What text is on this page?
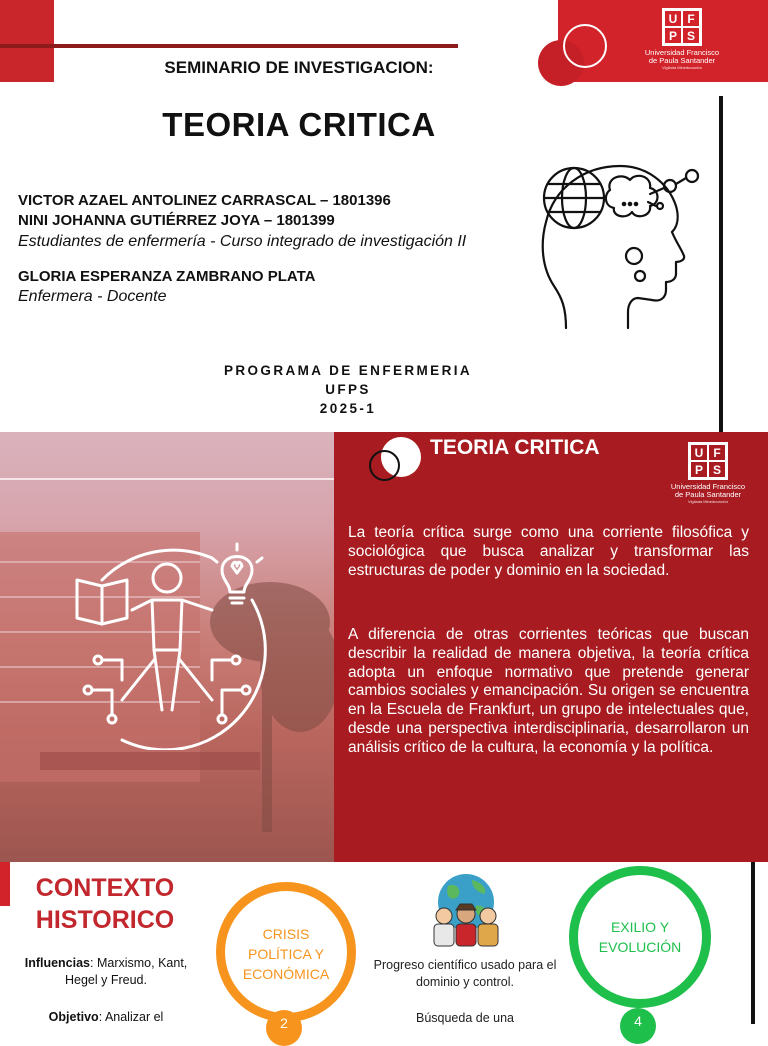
U F
P S
Universidad Francisco
de Paula Santander
Vigilada Mineducación
SEMINARIO DE INVESTIGACION:
TEORIA CRITICA
VICTOR AZAEL ANTOLINEZ CARRASCAL – 1801396
NINI JOHANNA GUTIÉRREZ JOYA – 1801399
Estudiantes de enfermería - Curso integrado de investigación II
GLORIA ESPERANZA ZAMBRANO PLATA
Enfermera - Docente
PROGRAMA DE ENFERMERIA
UFPS
2025-1
TEORIA CRITICA	U F
P S
Universidad Francisco
de Paula Santander
Vigilada Mineducación
La teoría crítica surge como una corriente filosófica y sociológica que busca analizar y transformar las estructuras de poder y dominio en la sociedad.
A diferencia de otras corrientes teóricas que buscan describir la realidad de manera objetiva, la teoría crítica adopta un enfoque normativo que pretende generar cambios sociales y emancipación. Su origen se encuentra en la Escuela de Frankfurt, un grupo de intelectuales que, desde una perspectiva interdisciplinaria, desarrollaron un análisis crítico de la cultura, la economía y la política.
CONTEXTO
HISTORICO
Influencias: Marxismo, Kant, Hegel y Freud.
Objetivo: Analizar el
CRISIS
POLÍTICA Y
ECONÓMICA
2
Progreso científico usado para el dominio y control.
Búsqueda de una
EXILIO Y
EVOLUCIÓN
4
